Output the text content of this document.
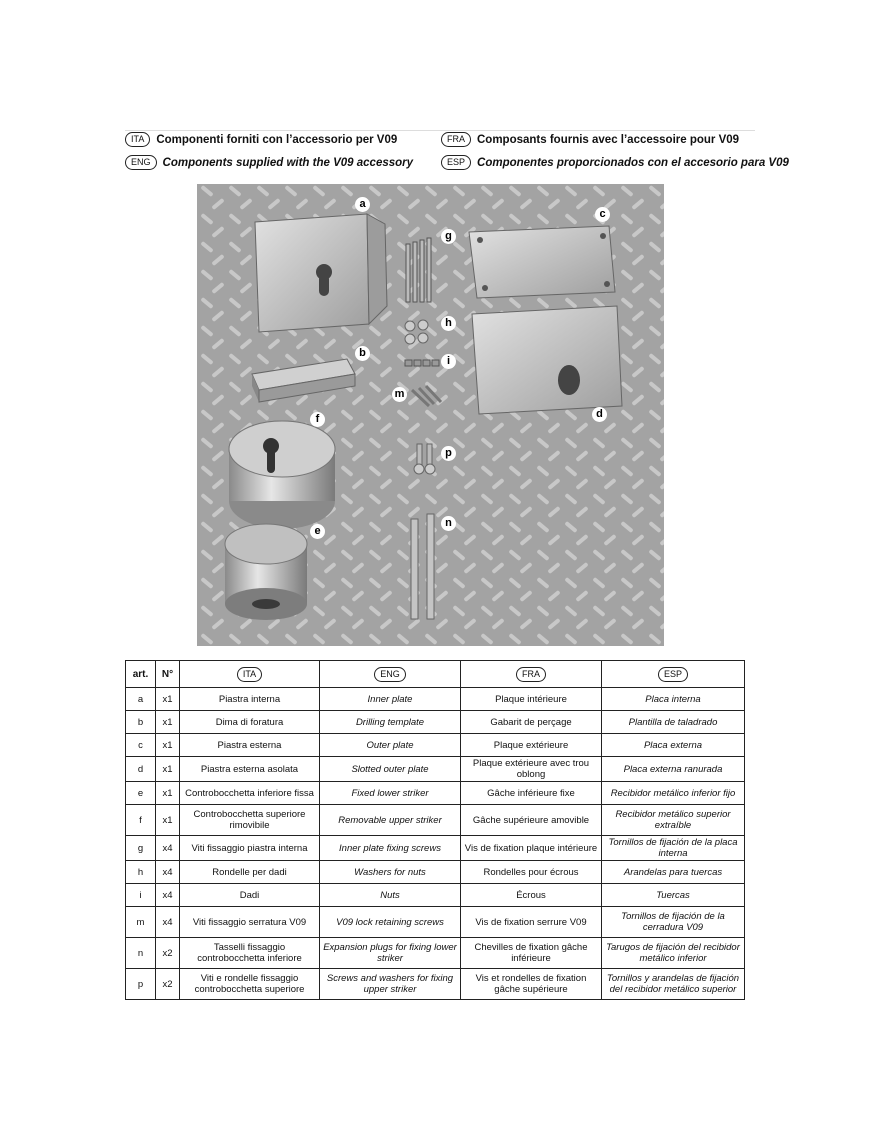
ITA	Componenti forniti con l’accessorio per V09
ENG	Components supplied with the V09 accessory
FRA	Composants fournis avec l’accessoire pour V09
ESP	Componentes proporcionados con el accesorio para V09
a
b
c
d
e
f
g
h
i
m
n
p
art.	N°	ITA	ENG	FRA	ESP
a	x1	Piastra interna	Inner plate	Plaque intérieure	Placa interna
b	x1	Dima di foratura	Drilling template	Gabarit de perçage	Plantilla de taladrado
c	x1	Piastra esterna	Outer plate	Plaque extérieure	Placa externa
d	x1	Piastra esterna asolata	Slotted outer plate	Plaque extérieure avec trou oblong	Placa externa ranurada
e	x1	Controbocchetta inferiore fissa	Fixed lower striker	Gâche inférieure fixe	Recibidor metálico inferior fijo
f	x1	Controbocchetta superiore rimovibile	Removable upper striker	Gâche supérieure amovible	Recibidor metálico superior extraíble
g	x4	Viti fissaggio piastra interna	Inner plate fixing screws	Vis de fixation plaque intérieure	Tornillos de fijación de la placa interna
h	x4	Rondelle per dadi	Washers for nuts	Rondelles pour écrous	Arandelas para tuercas
i	x4	Dadi	Nuts	Écrous	Tuercas
m	x4	Viti fissaggio serratura V09	V09 lock retaining screws	Vis de fixation serrure V09	Tornillos de fijación de la cerradura V09
n	x2	Tasselli fissaggio controbocchetta inferiore	Expansion plugs for fixing lower striker	Chevilles de fixation gâche inférieure	Tarugos de fijación del recibidor metálico inferior
p	x2	Viti e rondelle fissaggio controbocchetta superiore	Screws and washers for fixing upper striker	Vis et rondelles de fixation gâche supérieure	Tornillos y arandelas de fijación del recibidor metálico superior
